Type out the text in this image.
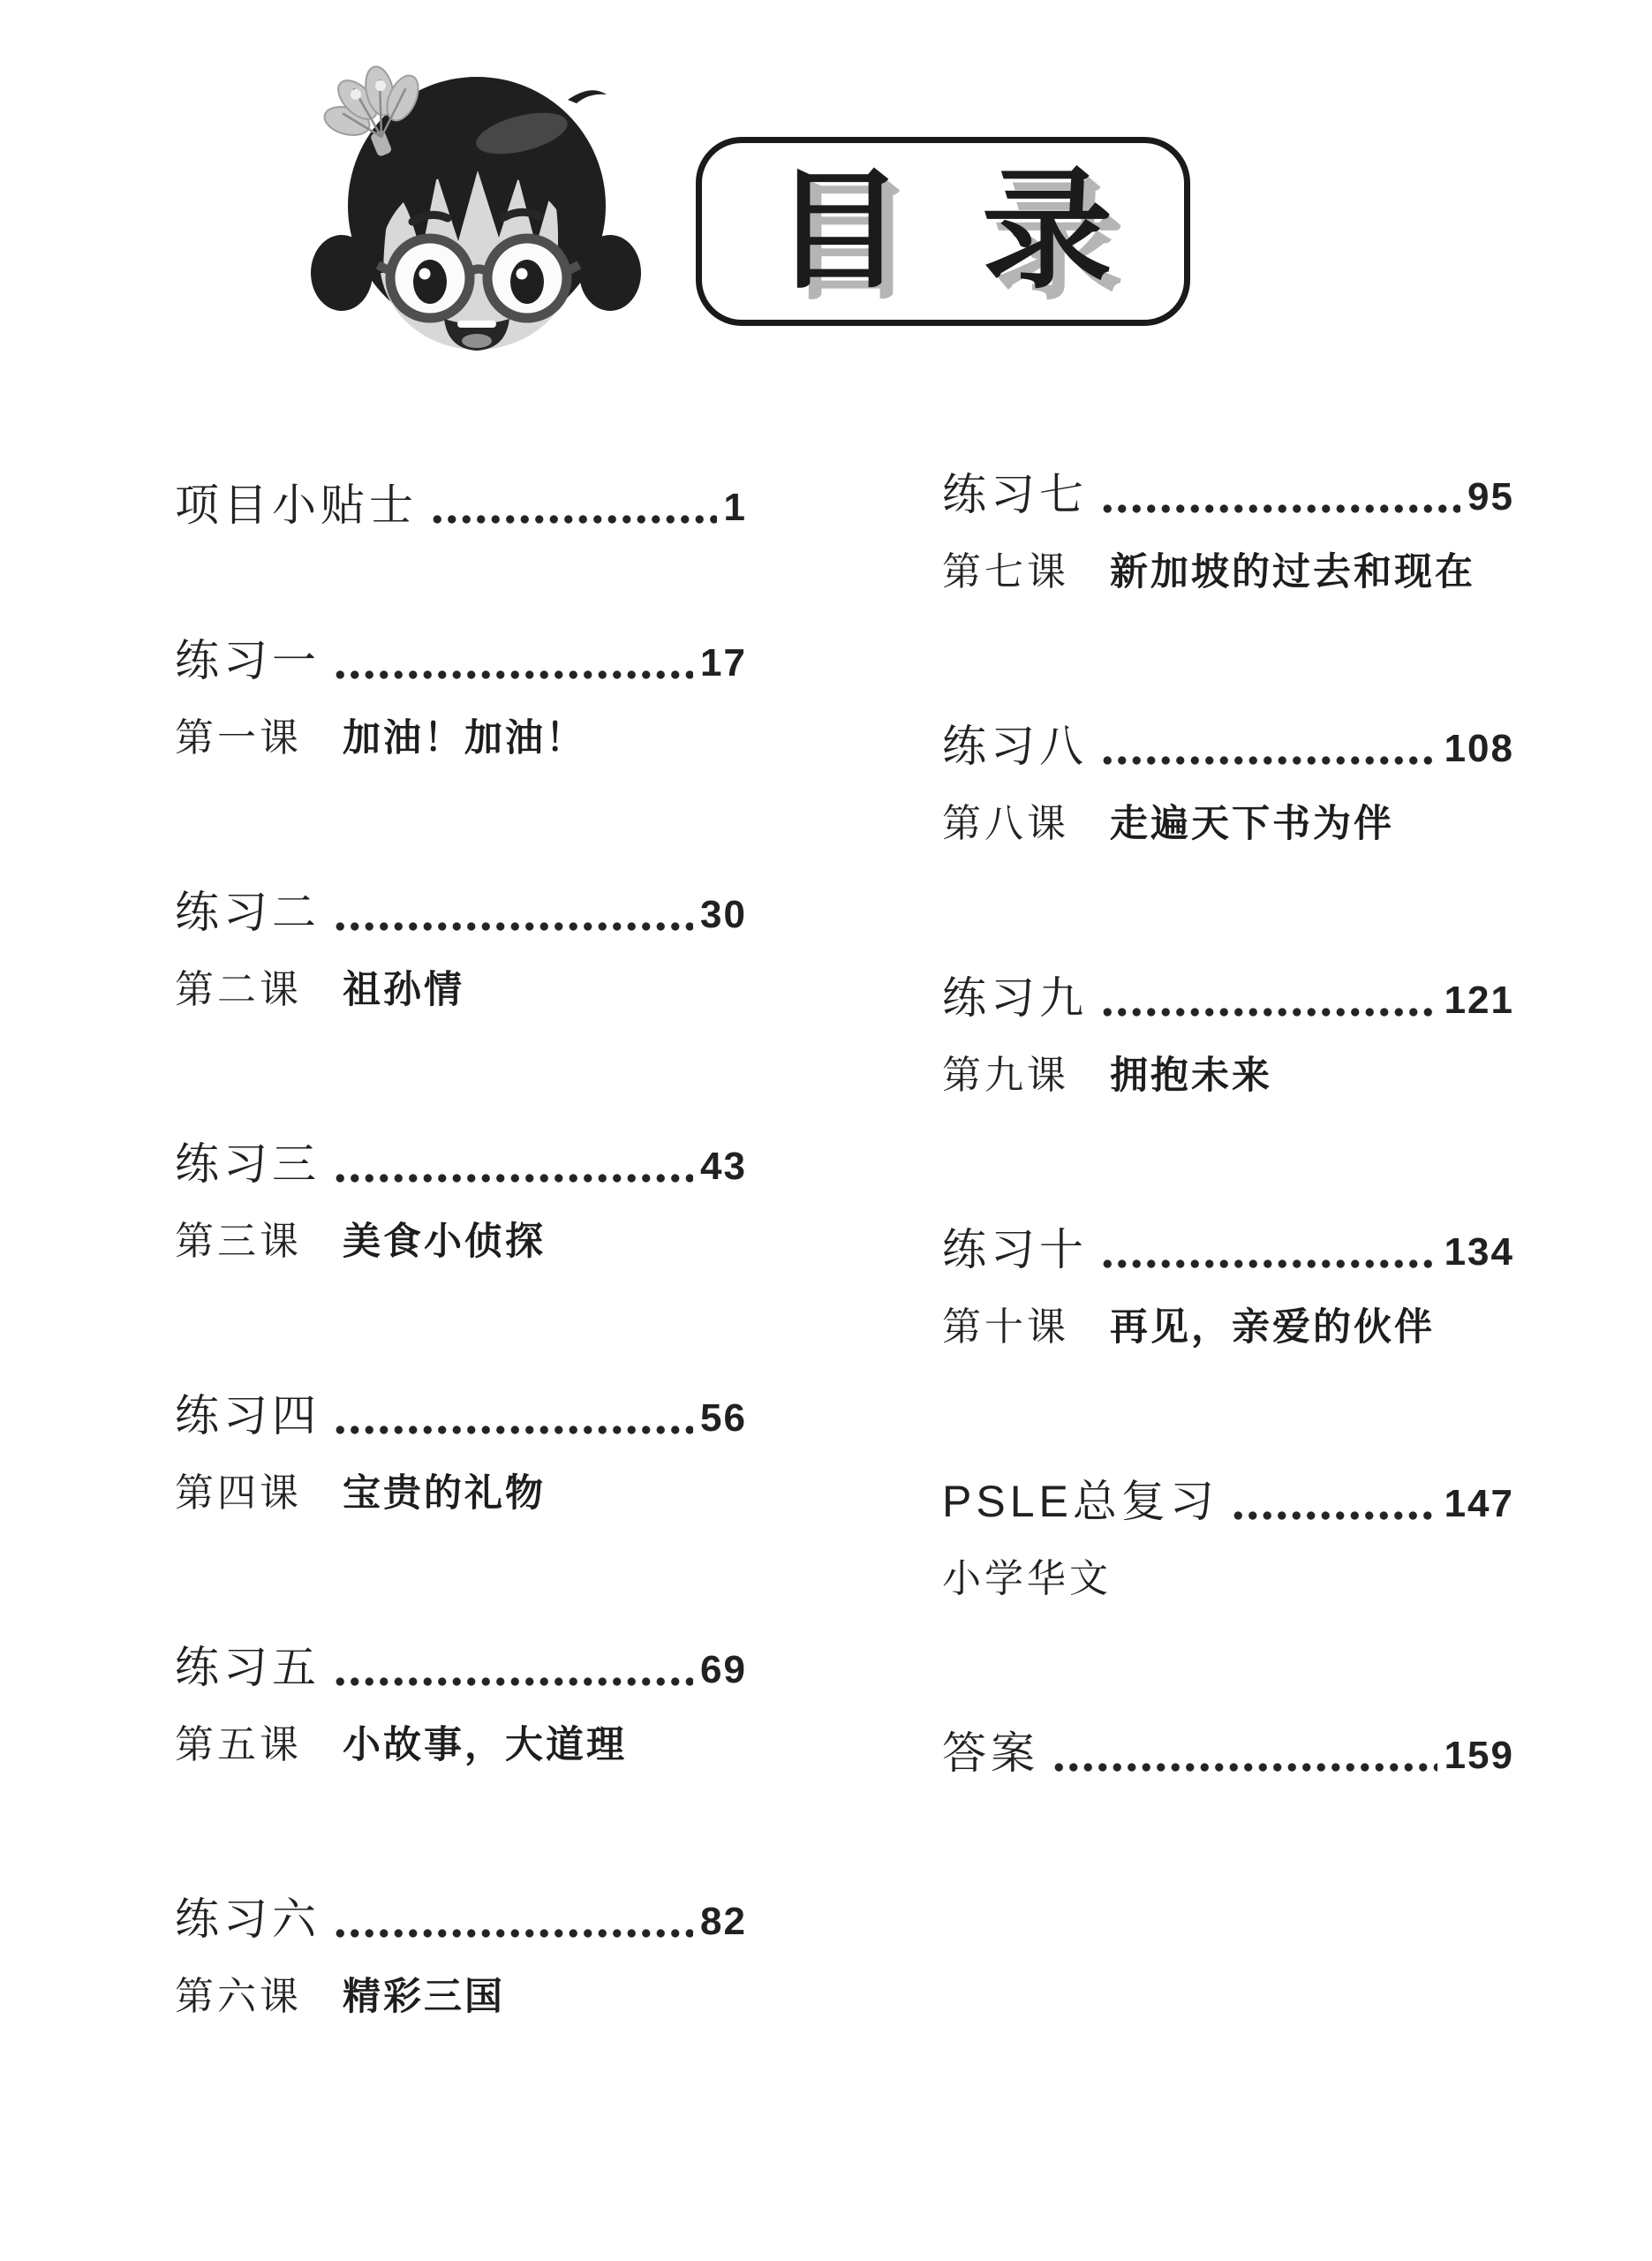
目 录
项目小贴士	1
练习一	17
第一课 加油！加油！
练习二	30
第二课 祖孙情
练习三	43
第三课 美食小侦探
练习四	56
第四课 宝贵的礼物
练习五	69
第五课 小故事，大道理
练习六	82
第六课 精彩三国
练习七	95
第七课 新加坡的过去和现在
练习八	108
第八课 走遍天下书为伴
练习九	121
第九课 拥抱未来
练习十	134
第十课 再见，亲爱的伙伴
PSLE总复习	147
小学华文
答案	159
